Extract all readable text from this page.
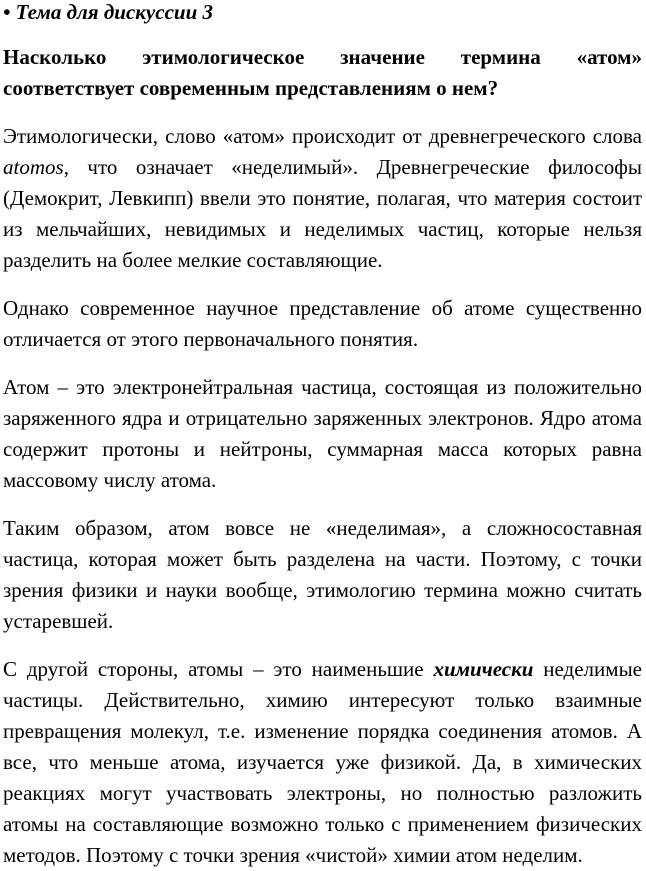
• Тема для дискуссии 3

Насколько этимологическое значение термина «атом» соответствует современным представлениям о нем?

Этимологически, слово «атом» происходит от древнегреческого слова atomos, что означает «неделимый». Древнегреческие философы (Демокрит, Левкипп) ввели это понятие, полагая, что материя состоит из мельчайших, невидимых и неделимых частиц, которые нельзя разделить на более мелкие составляющие.

Однако современное научное представление об атоме существенно отличается от этого первоначального понятия.

Атом – это электронейтральная частица, состоящая из положительно заряженного ядра и отрицательно заряженных электронов. Ядро атома содержит протоны и нейтроны, суммарная масса которых равна массовому числу атома.

Таким образом, атом вовсе не «неделимая», а сложносоставная частица, которая может быть разделена на части. Поэтому, с точки зрения физики и науки вообще, этимологию термина можно считать устаревшей.

С другой стороны, атомы – это наименьшие химически неделимые частицы. Действительно, химию интересуют только взаимные превращения молекул, т.е. изменение порядка соединения атомов. А все, что меньше атома, изучается уже физикой. Да, в химических реакциях могут участвовать электроны, но полностью разложить атомы на составляющие возможно только с применением физических методов. Поэтому с точки зрения «чистой» химии атом неделим.
